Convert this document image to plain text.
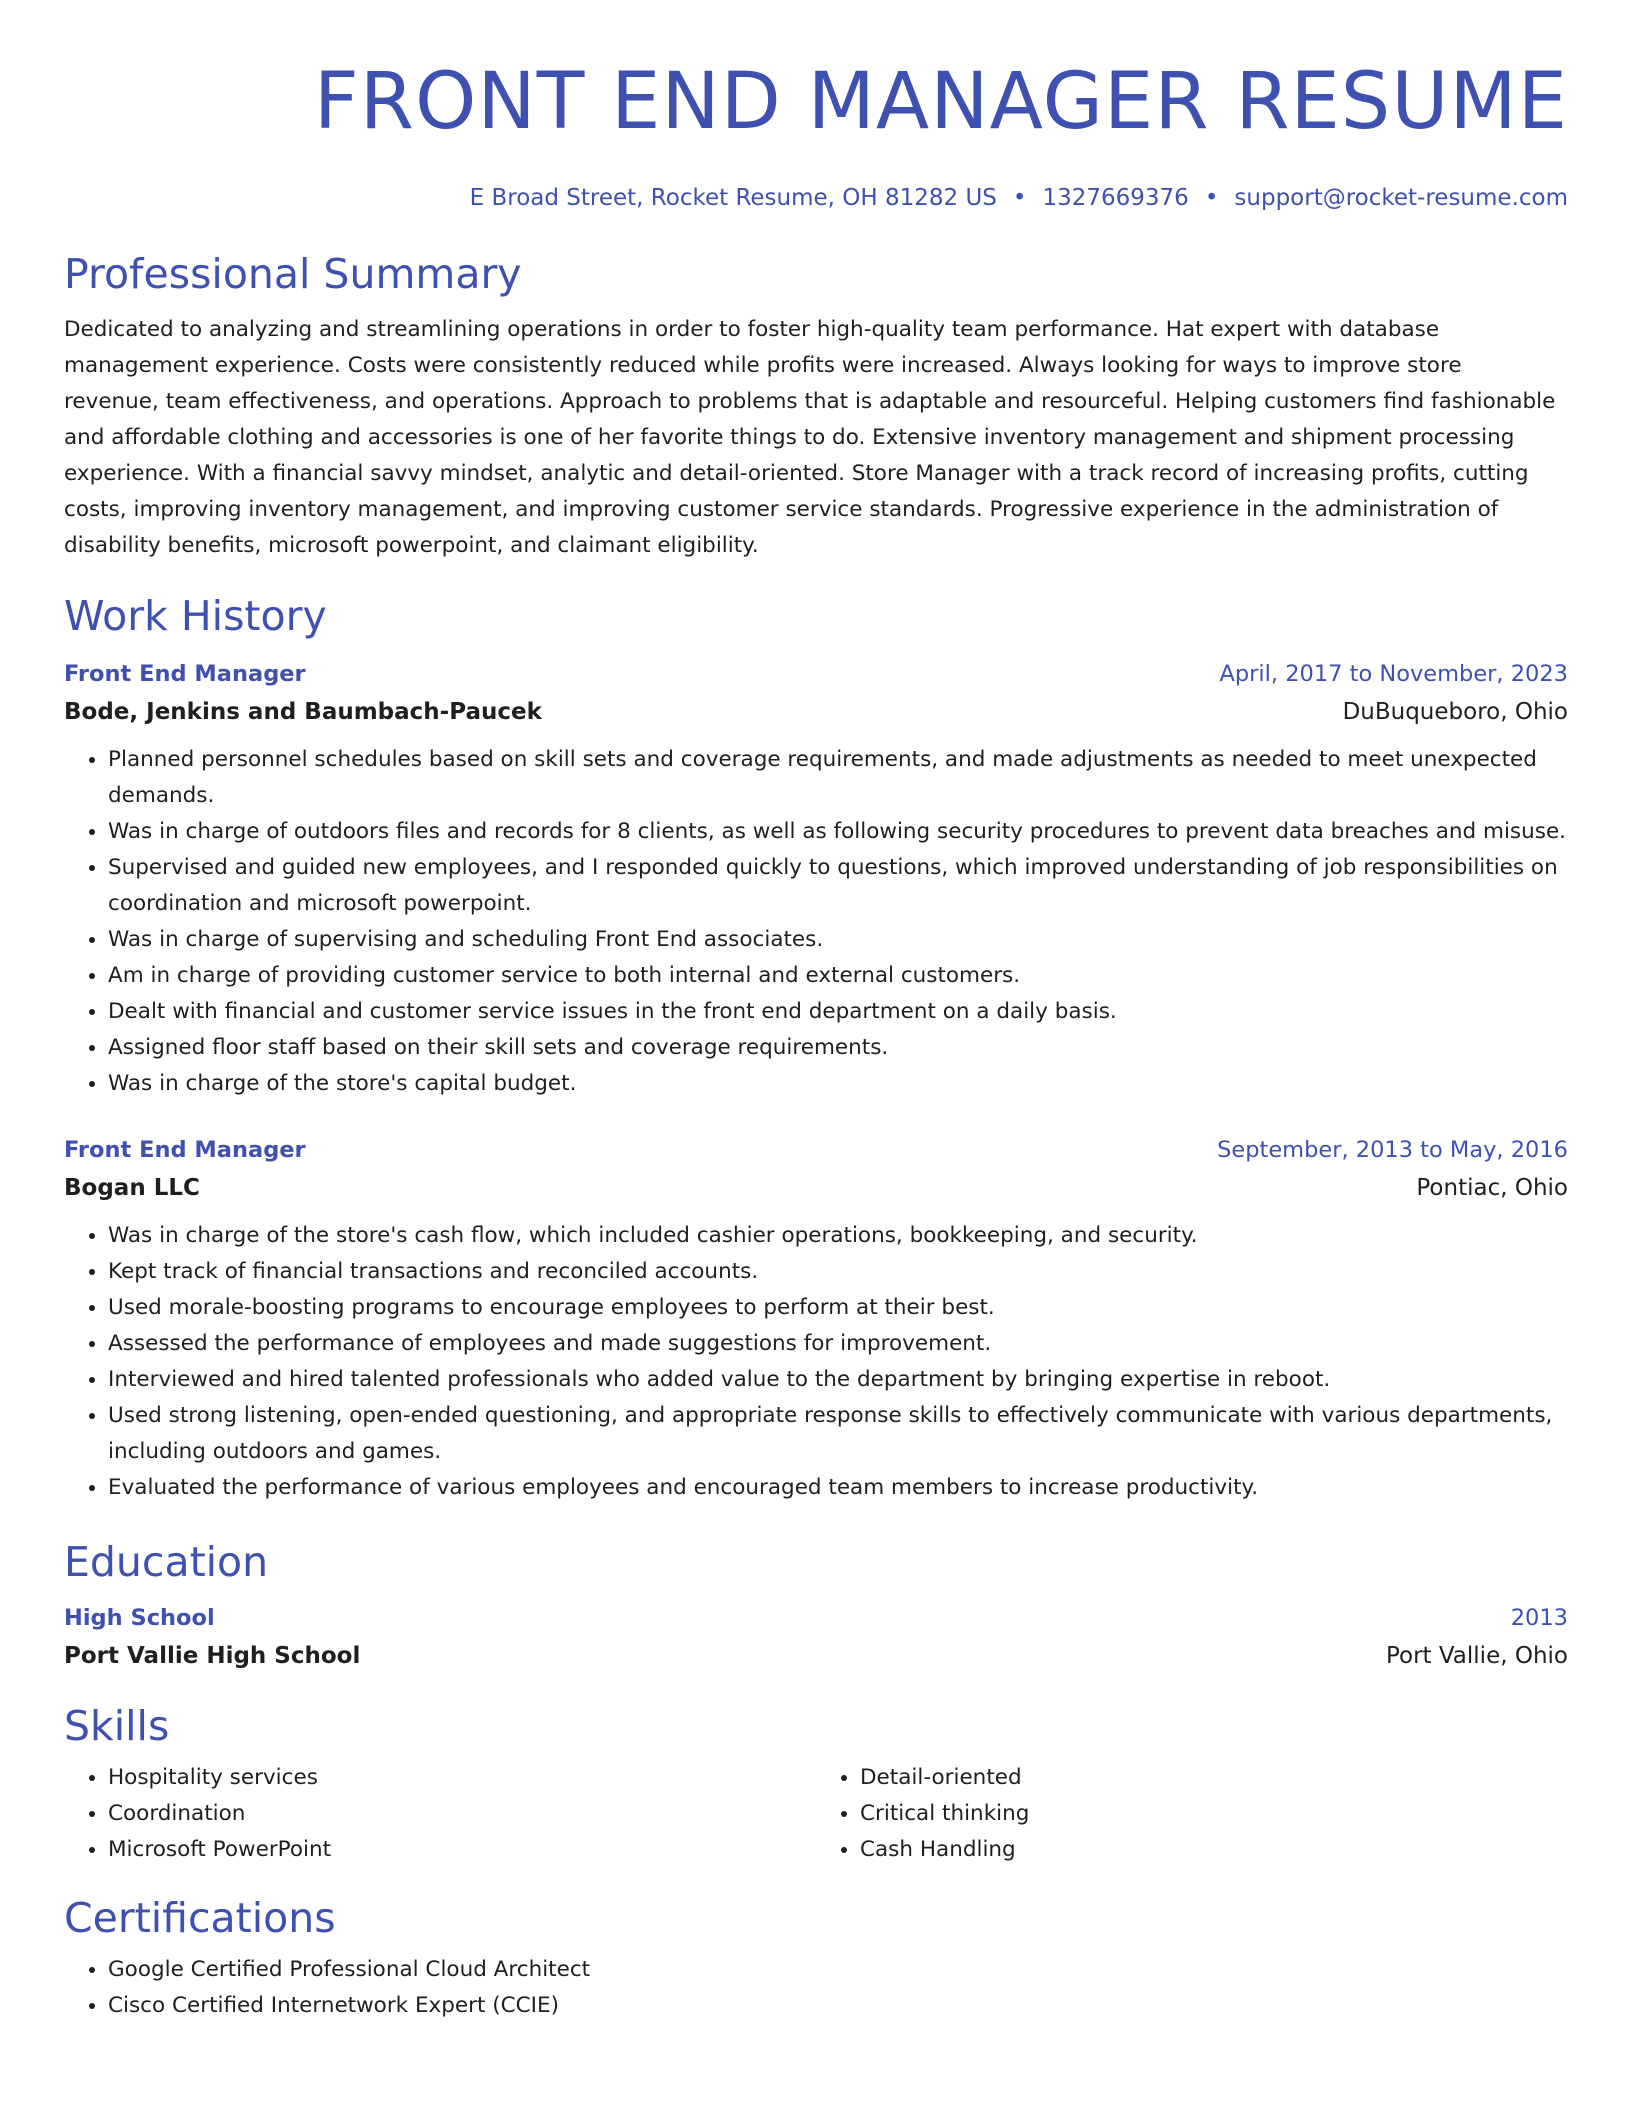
FRONT END MANAGER RESUME
E Broad Street, Rocket Resume, OH 81282 US • 1327669376 • support@rocket-resume.com
Professional Summary
Dedicated to analyzing and streamlining operations in order to foster high-quality team performance. Hat expert with database management experience. Costs were consistently reduced while profits were increased. Always looking for ways to improve store revenue, team effectiveness, and operations. Approach to problems that is adaptable and resourceful. Helping customers find fashionable and affordable clothing and accessories is one of her favorite things to do. Extensive inventory management and shipment processing experience. With a financial savvy mindset, analytic and detail-oriented. Store Manager with a track record of increasing profits, cutting costs, improving inventory management, and improving customer service standards. Progressive experience in the administration of disability benefits, microsoft powerpoint, and claimant eligibility.
Work History
Front End Manager	April, 2017 to November, 2023
Bode, Jenkins and Baumbach-Paucek	DuBuqueboro, Ohio
• Planned personnel schedules based on skill sets and coverage requirements, and made adjustments as needed to meet unexpected demands.
• Was in charge of outdoors files and records for 8 clients, as well as following security procedures to prevent data breaches and misuse.
• Supervised and guided new employees, and I responded quickly to questions, which improved understanding of job responsibilities on coordination and microsoft powerpoint.
• Was in charge of supervising and scheduling Front End associates.
• Am in charge of providing customer service to both internal and external customers.
• Dealt with financial and customer service issues in the front end department on a daily basis.
• Assigned floor staff based on their skill sets and coverage requirements.
• Was in charge of the store's capital budget.
Front End Manager	September, 2013 to May, 2016
Bogan LLC	Pontiac, Ohio
• Was in charge of the store's cash flow, which included cashier operations, bookkeeping, and security.
• Kept track of financial transactions and reconciled accounts.
• Used morale-boosting programs to encourage employees to perform at their best.
• Assessed the performance of employees and made suggestions for improvement.
• Interviewed and hired talented professionals who added value to the department by bringing expertise in reboot.
• Used strong listening, open-ended questioning, and appropriate response skills to effectively communicate with various departments, including outdoors and games.
• Evaluated the performance of various employees and encouraged team members to increase productivity.
Education
High School	2013
Port Vallie High School	Port Vallie, Ohio
Skills
• Hospitality services
• Coordination
• Microsoft PowerPoint
• Detail-oriented
• Critical thinking
• Cash Handling
Certifications
• Google Certified Professional Cloud Architect
• Cisco Certified Internetwork Expert (CCIE)
